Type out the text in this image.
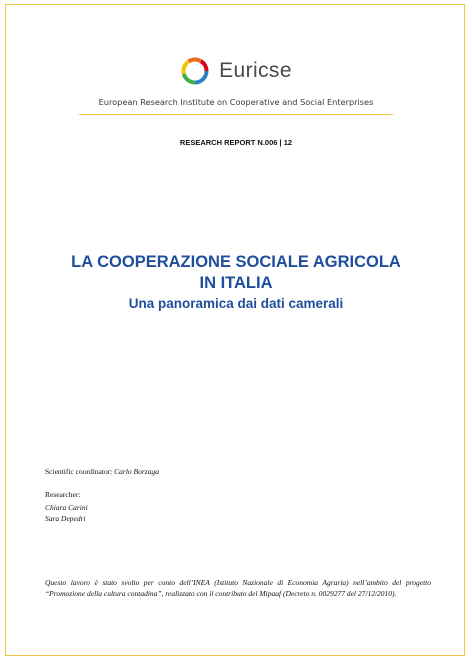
Euricse
European Research Institute on Cooperative and Social Enterprises
RESEARCH REPORT N.006 | 12
LA COOPERAZIONE SOCIALE AGRICOLA
IN ITALIA
Una panoramica dai dati camerali
Scientific coordinator: Carlo Borzaga
Researcher:
Chiara Carini
Sara Depedri
Questo lavoro è stato svolto per conto dell’INEA (Istituto Nazionale di Economia Agraria) nell’ambito del progetto “Promozione della cultura contadina”, realizzato con il contributo del Mipaaf (Decreto n. 0029277 del 27/12/2010).
